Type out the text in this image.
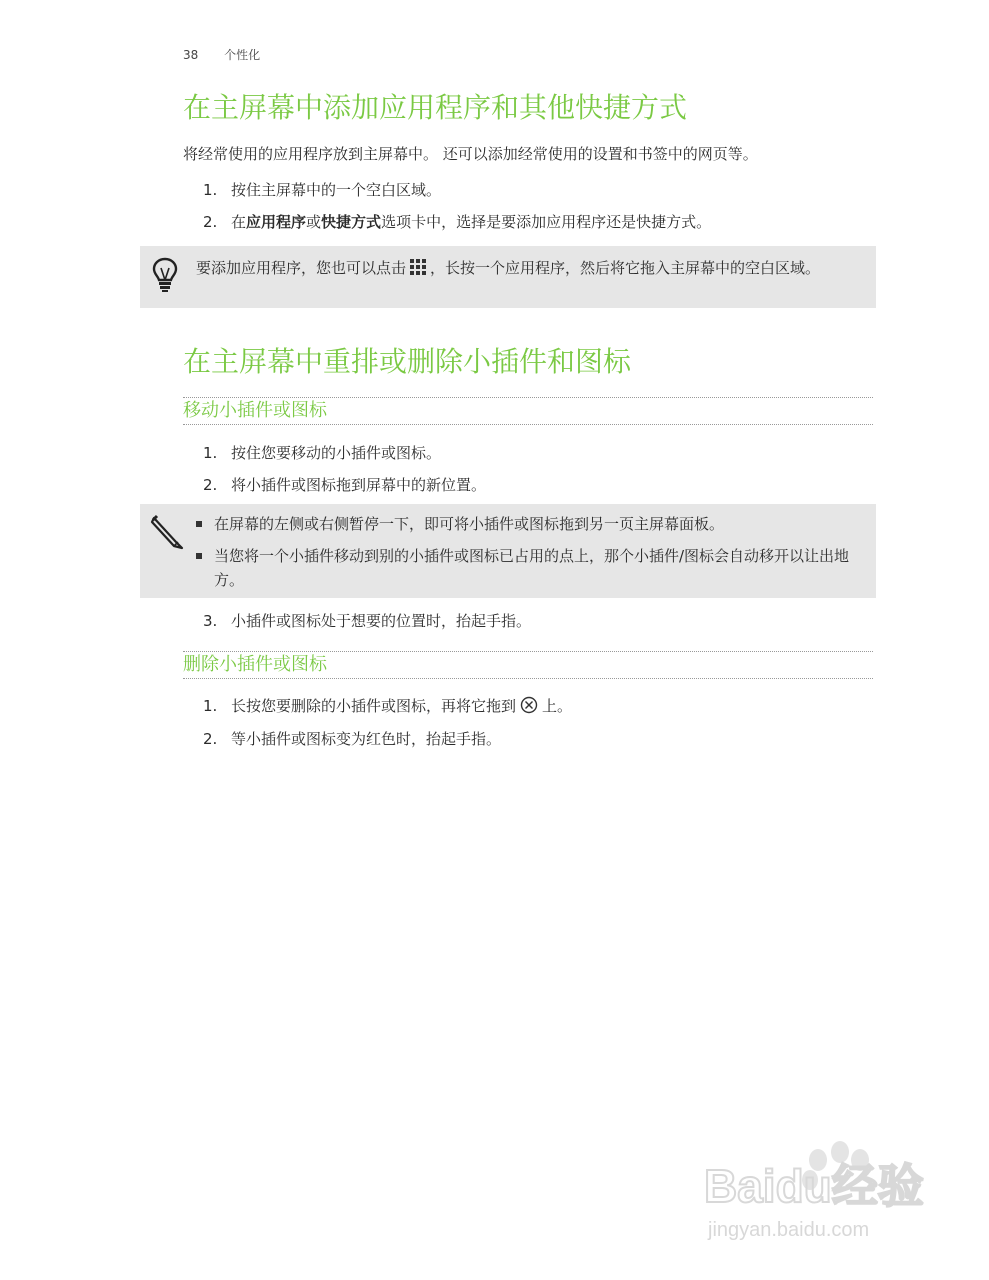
38 个性化
在主屏幕中添加应用程序和其他快捷方式
将经常使用的应用程序放到主屏幕中。 还可以添加经常使用的设置和书签中的网页等。
1. 按住主屏幕中的一个空白区域。
2. 在应用程序或快捷方式选项卡中，选择是要添加应用程序还是快捷方式。
要添加应用程序，您也可以点击 ，长按一个应用程序，然后将它拖入主屏幕中的空白区域。
在主屏幕中重排或删除小插件和图标
移动小插件或图标
1. 按住您要移动的小插件或图标。
2. 将小插件或图标拖到屏幕中的新位置。
在屏幕的左侧或右侧暂停一下，即可将小插件或图标拖到另一页主屏幕面板。
当您将一个小插件移动到别的小插件或图标已占用的点上，那个小插件/图标会自动移开以让出地方。
3. 小插件或图标处于想要的位置时，抬起手指。
删除小插件或图标
1. 长按您要删除的小插件或图标，再将它拖到 上。
2. 等小插件或图标变为红色时，抬起手指。
Baidu经验
jingyan.baidu.com
